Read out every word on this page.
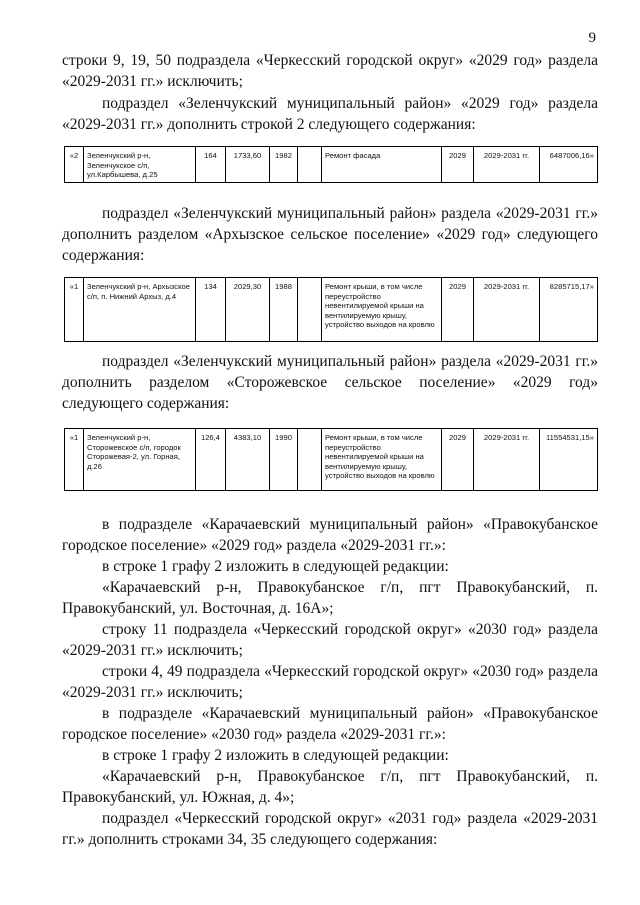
9

строки 9, 19, 50 подраздела «Черкесский городской округ» «2029 год» раздела «2029-2031 гг.» исключить;

подраздел «Зеленчукский муниципальный район» «2029 год» раздела «2029-2031 гг.» дополнить строкой 2 следующего содержания:

«2	Зеленчукский р-н, Зеленчукское с/п, ул.Карбышева, д.25	164	1733,60	1982		Ремонт фасада	2029	2029-2031 гг.	6487006,16»

подраздел «Зеленчукский муниципальный район» раздела «2029-2031 гг.» дополнить разделом «Архызское сельское поселение» «2029 год» следующего содержания:

«1	Зеленчукский р-н, Архызское с/п, п. Нижний Архыз, д.4	134	2029,30	1988		Ремонт крыши, в том числе переустройство невентилируемой крыши на вентилируемую крышу, устройство выходов на кровлю	2029	2029-2031 гг.	8285715,17»

подраздел «Зеленчукский муниципальный район» раздела «2029-2031 гг.» дополнить разделом «Сторожевское сельское поселение» «2029 год» следующего содержания:

«1	Зеленчукский р-н, Сторожевское с/п, городок Сторожевая-2, ул. Горная, д.26	126,4	4383,10	1990		Ремонт крыши, в том числе переустройство невентилируемой крыши на вентилируемую крышу, устройство выходов на кровлю	2029	2029-2031 гг.	11554531,15»

в подразделе «Карачаевский муниципальный район» «Правокубанское городское поселение» «2029 год» раздела «2029-2031 гг.»:

в строке 1 графу 2 изложить в следующей редакции:

«Карачаевский р-н, Правокубанское г/п, пгт Правокубанский, п. Правокубанский, ул. Восточная, д. 16А»;

строку 11 подраздела «Черкесский городской округ» «2030 год» раздела «2029-2031 гг.» исключить;

строки 4, 49 подраздела «Черкесский городской округ» «2030 год» раздела «2029-2031 гг.» исключить;

в подразделе «Карачаевский муниципальный район» «Правокубанское городское поселение» «2030 год» раздела «2029-2031 гг.»:

в строке 1 графу 2 изложить в следующей редакции:

«Карачаевский р-н, Правокубанское г/п, пгт Правокубанский, п. Правокубанский, ул. Южная, д. 4»;

подраздел «Черкесский городской округ» «2031 год» раздела «2029-2031 гг.» дополнить строками 34, 35 следующего содержания:
